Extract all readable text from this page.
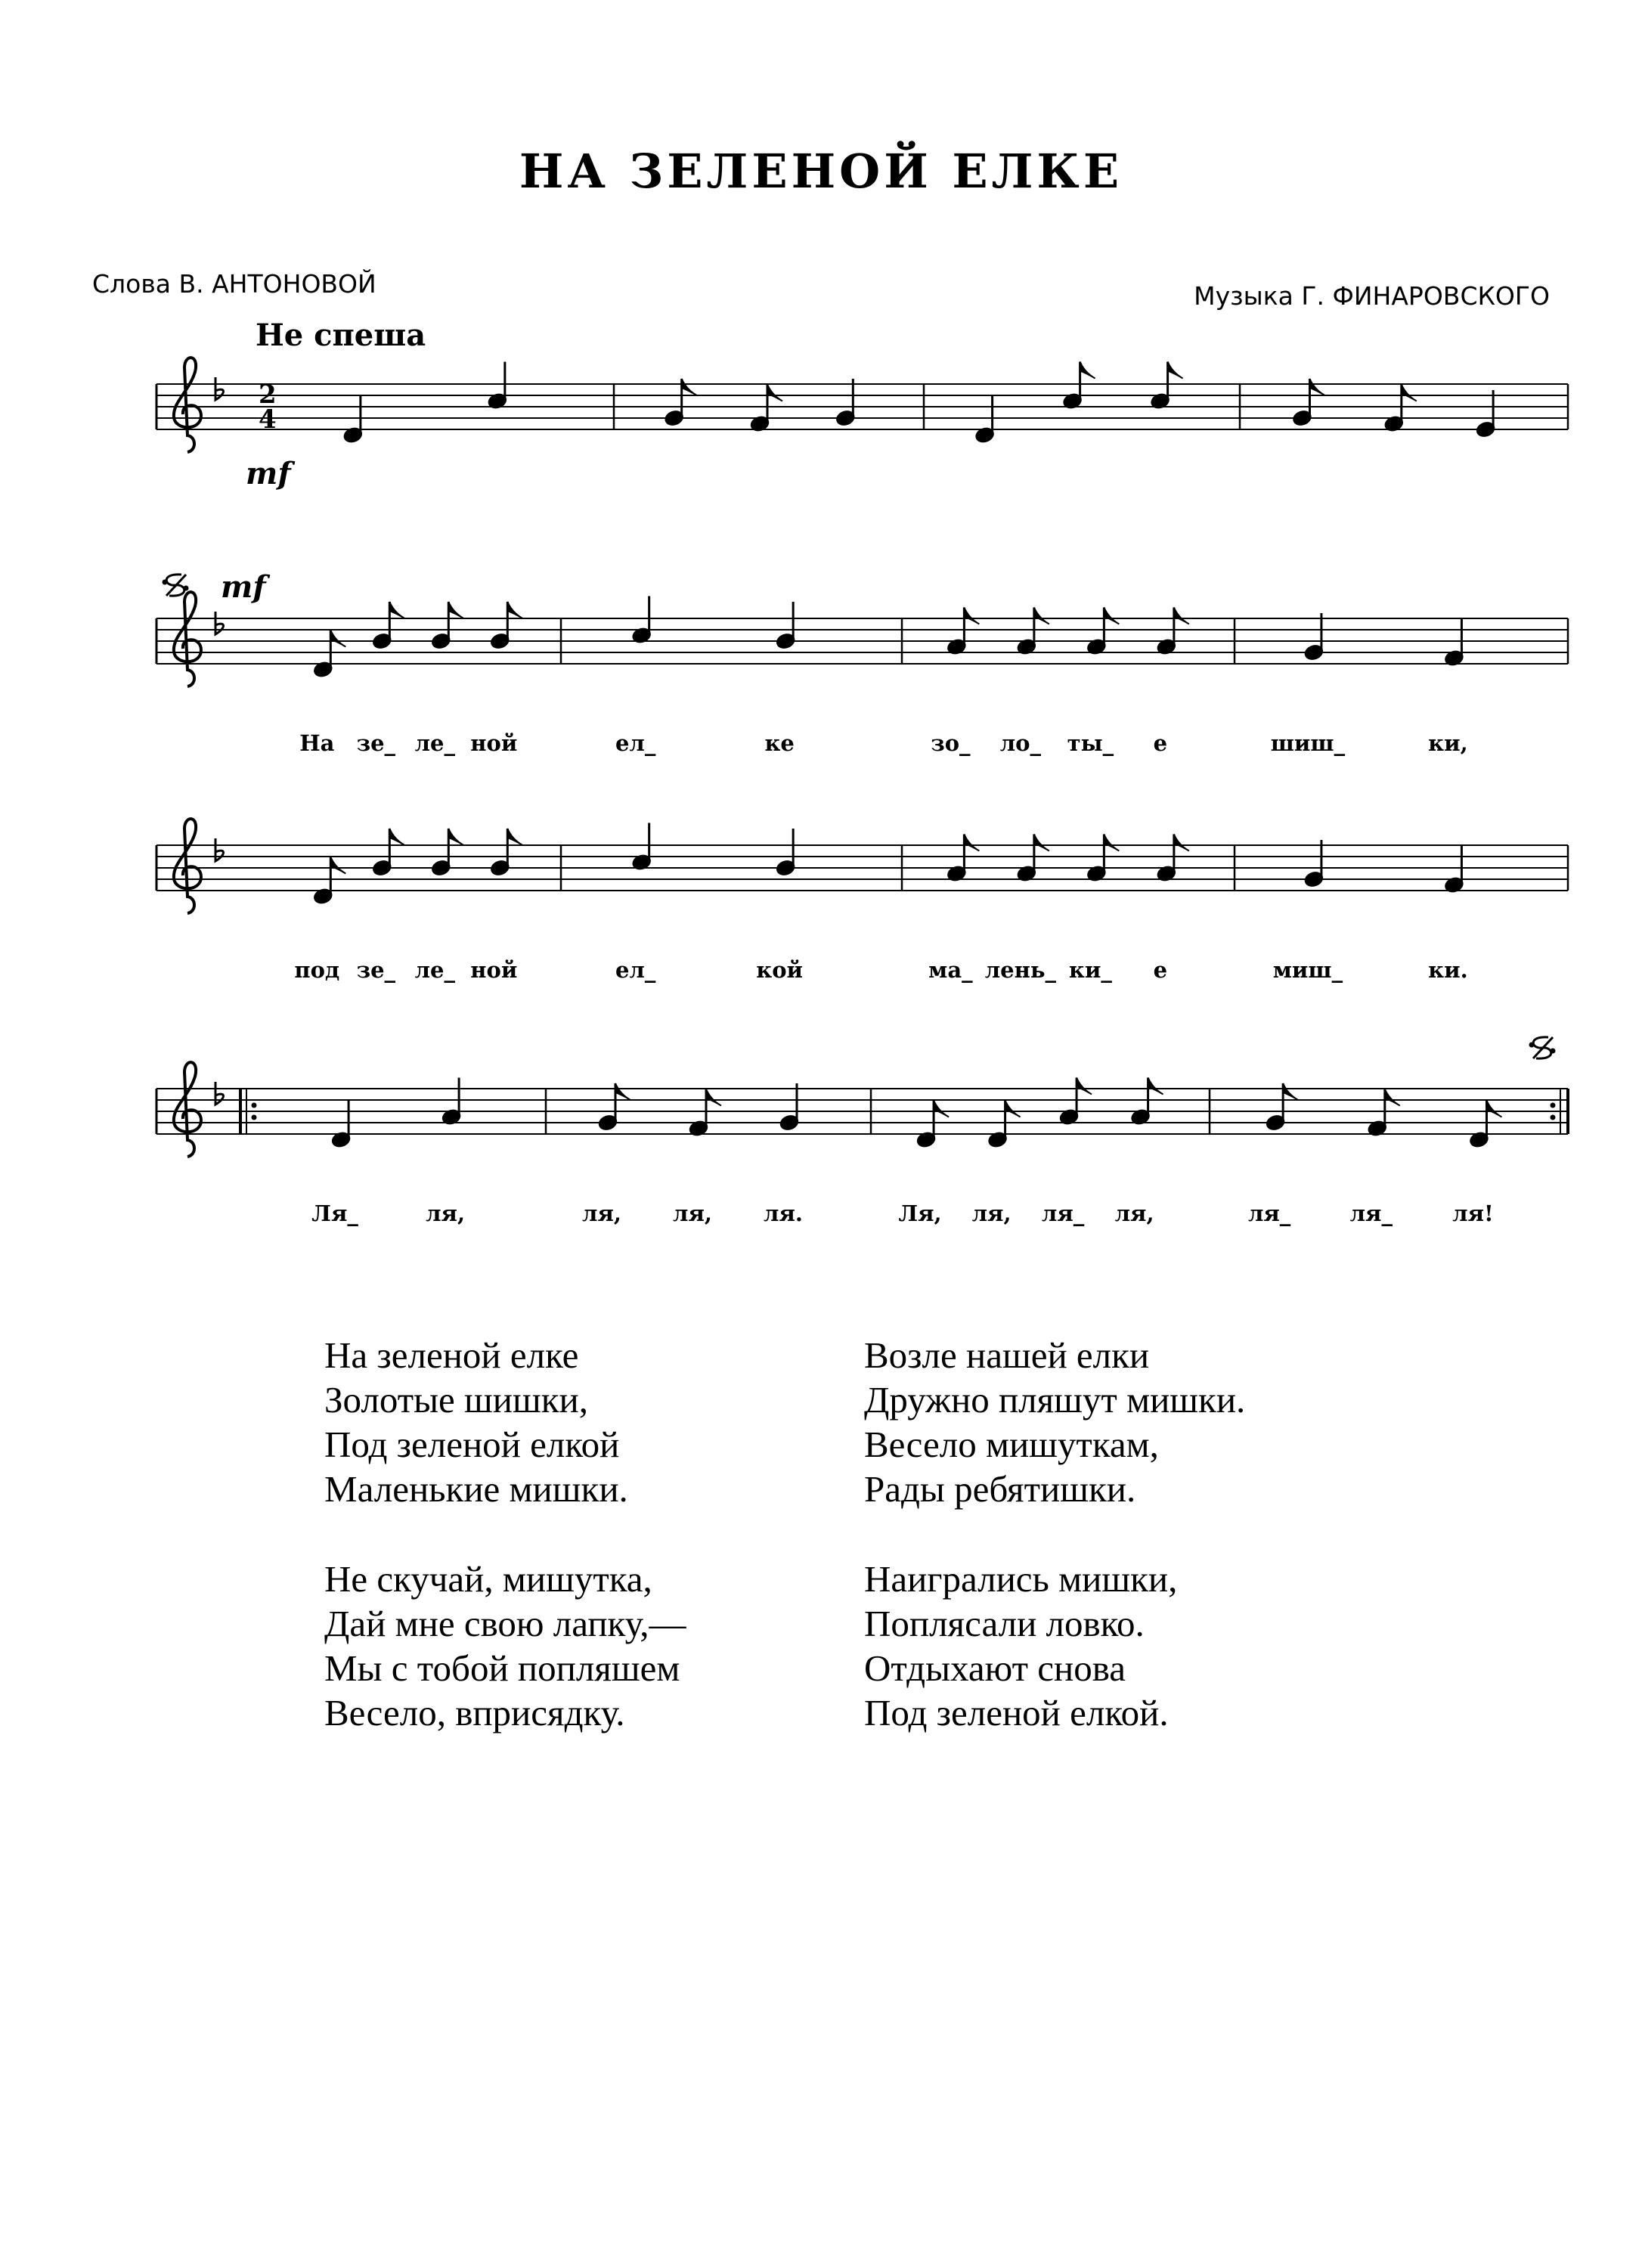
НА ЗЕЛЕНОЙ ЕЛКЕ
Слова В. АНТОНОВОЙ	Музыка Г. ФИНАРОВСКОГО
Не спеша
На зе_ ле_ ной	ел_	ке	зо_ ло_ ты_ е	шиш_	ки,
под зе_ ле_ ной	ел_	кой	ма_ лень_ ки_ е	миш_	ки.
Ля_	ля,	ля, ля, ля.	Ля, ля, ля_ ля,	ля_	ля_	ля!
2
4
mf
mf

На зеленой елке
Золотые шишки,
Под зеленой елкой
Маленькие мишки.

Не скучай, мишутка,
Дай мне свою лапку,—
Мы с тобой попляшем
Весело, вприсядку.

Возле нашей елки
Дружно пляшут мишки.
Весело мишуткам,
Рады ребятишки.

Наигрались мишки,
Поплясали ловко.
Отдыхают снова
Под зеленой елкой.
